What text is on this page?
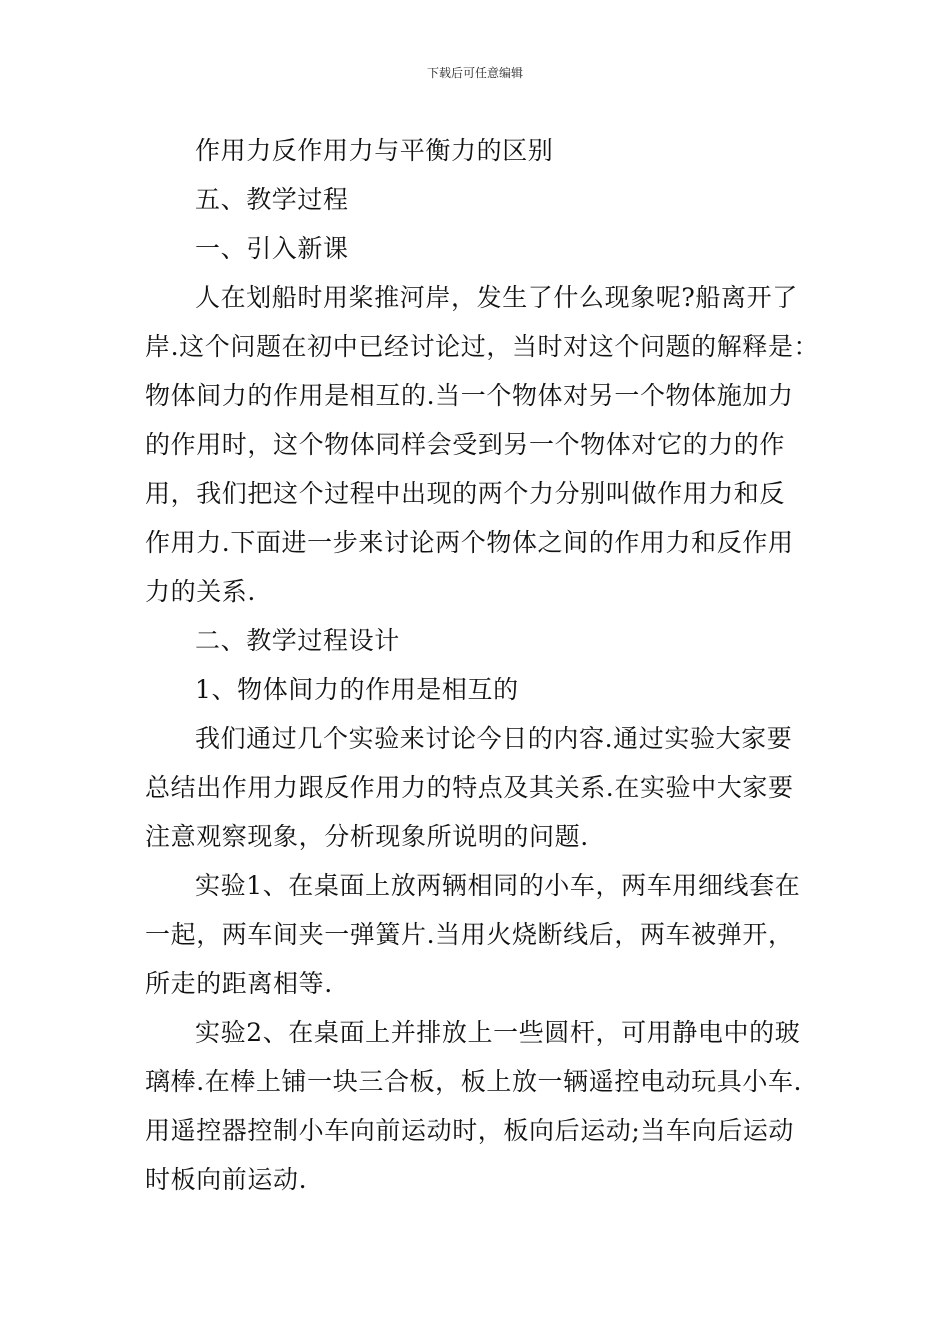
下载后可任意编辑
作用力反作用力与平衡力的区别
五、教学过程
一、引入新课
人在划船时用桨推河岸，发生了什么现象呢?船离开了
岸.这个问题在初中已经讨论过，当时对这个问题的解释是：
物体间力的作用是相互的.当一个物体对另一个物体施加力
的作用时，这个物体同样会受到另一个物体对它的力的作
用，我们把这个过程中出现的两个力分别叫做作用力和反
作用力.下面进一步来讨论两个物体之间的作用力和反作用
力的关系.
二、教学过程设计
1、物体间力的作用是相互的
我们通过几个实验来讨论今日的内容.通过实验大家要
总结出作用力跟反作用力的特点及其关系.在实验中大家要
注意观察现象，分析现象所说明的问题.
实验1、在桌面上放两辆相同的小车，两车用细线套在
一起，两车间夹一弹簧片.当用火烧断线后，两车被弹开，
所走的距离相等.
实验2、在桌面上并排放上一些圆杆，可用静电中的玻
璃棒.在棒上铺一块三合板，板上放一辆遥控电动玩具小车.
用遥控器控制小车向前运动时，板向后运动;当车向后运动
时板向前运动.
